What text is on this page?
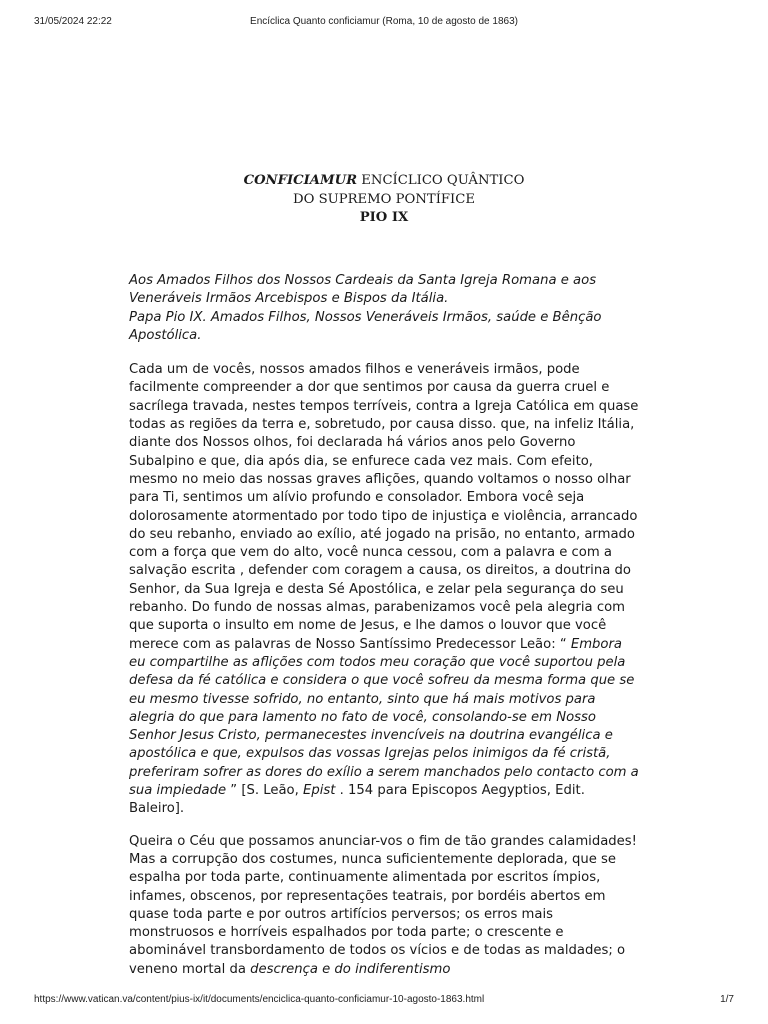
31/05/2024 22:22	Encíclica Quanto conficiamur (Roma, 10 de agosto de 1863)
CONFICIAMUR ENCÍCLICO QUÂNTICO
DO SUPREMO PONTÍFICE
PIO IX

Aos Amados Filhos dos Nossos Cardeais da Santa Igreja Romana e aos Veneráveis Irmãos Arcebispos e Bispos da Itália.
Papa Pio IX. Amados Filhos, Nossos Veneráveis Irmãos, saúde e Bênção Apostólica.

Cada um de vocês, nossos amados filhos e veneráveis irmãos, pode facilmente compreender a dor que sentimos por causa da guerra cruel e sacrílega travada, nestes tempos terríveis, contra a Igreja Católica em quase todas as regiões da terra e, sobretudo, por causa disso. que, na infeliz Itália, diante dos Nossos olhos, foi declarada há vários anos pelo Governo Subalpino e que, dia após dia, se enfurece cada vez mais. Com efeito, mesmo no meio das nossas graves aflições, quando voltamos o nosso olhar para Ti, sentimos um alívio profundo e consolador. Embora você seja dolorosamente atormentado por todo tipo de injustiça e violência, arrancado do seu rebanho, enviado ao exílio, até jogado na prisão, no entanto, armado com a força que vem do alto, você nunca cessou, com a palavra e com a salvação escrita , defender com coragem a causa, os direitos, a doutrina do Senhor, da Sua Igreja e desta Sé Apostólica, e zelar pela segurança do seu rebanho. Do fundo de nossas almas, parabenizamos você pela alegria com que suporta o insulto em nome de Jesus, e lhe damos o louvor que você merece com as palavras de Nosso Santíssimo Predecessor Leão: “ Embora eu compartilhe as aflições com todos meu coração que você suportou pela defesa da fé católica e considera o que você sofreu da mesma forma que se eu mesmo tivesse sofrido, no entanto, sinto que há mais motivos para alegria do que para lamento no fato de você, consolando-se em Nosso Senhor Jesus Cristo, permanecestes invencíveis na doutrina evangélica e apostólica e que, expulsos das vossas Igrejas pelos inimigos da fé cristã, preferiram sofrer as dores do exílio a serem manchados pelo contacto com a sua impiedade ” [S. Leão, Epist . 154 para Episcopos Aegyptios, Edit. Baleiro].

Queira o Céu que possamos anunciar-vos o fim de tão grandes calamidades! Mas a corrupção dos costumes, nunca suficientemente deplorada, que se espalha por toda parte, continuamente alimentada por escritos ímpios, infames, obscenos, por representações teatrais, por bordéis abertos em quase toda parte e por outros artifícios perversos; os erros mais monstruosos e horríveis espalhados por toda parte; o crescente e abominável transbordamento de todos os vícios e de todas as maldades; o veneno mortal da descrença e do indiferentismo

https://www.vatican.va/content/pius-ix/it/documents/enciclica-quanto-conficiamur-10-agosto-1863.html	1/7
